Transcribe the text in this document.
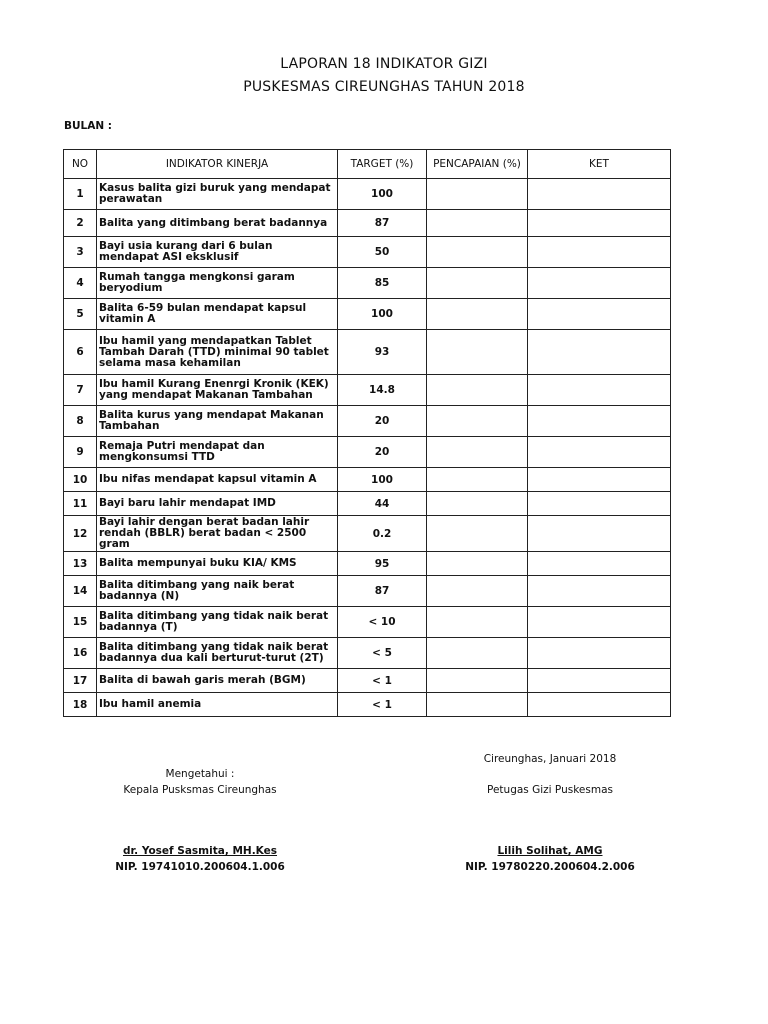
LAPORAN 18 INDIKATOR GIZI
PUSKESMAS CIREUNGHAS TAHUN 2018
BULAN :
NO	INDIKATOR KINERJA	TARGET (%)	PENCAPAIAN (%)	KET
1	Kasus balita gizi buruk yang mendapat perawatan	100		
2	Balita yang ditimbang berat badannya	87		
3	Bayi usia kurang dari 6 bulan mendapat ASI eksklusif	50		
4	Rumah tangga mengkonsi garam beryodium	85		
5	Balita 6-59 bulan mendapat kapsul vitamin A	100		
6	Ibu hamil yang mendapatkan Tablet Tambah Darah (TTD) minimal 90 tablet selama masa kehamilan	93		
7	Ibu hamil Kurang Enenrgi Kronik (KEK) yang mendapat Makanan Tambahan	14.8		
8	Balita kurus yang mendapat Makanan Tambahan	20		
9	Remaja Putri mendapat dan mengkonsumsi TTD	20		
10	Ibu nifas mendapat kapsul vitamin A	100		
11	Bayi baru lahir mendapat IMD	44		
12	Bayi lahir dengan berat badan lahir rendah (BBLR) berat badan < 2500 gram	0.2		
13	Balita mempunyai buku KIA/ KMS	95		
14	Balita ditimbang yang naik berat badannya (N)	87		
15	Balita ditimbang yang tidak naik berat badannya (T)	< 10		
16	Balita ditimbang yang tidak naik berat badannya dua kali berturut-turut (2T)	< 5		
17	Balita di bawah garis merah (BGM)	< 1		
18	Ibu hamil anemia	< 1		
Cireunghas, Januari 2018
Mengetahui :
Kepala Pusksmas Cireunghas
dr. Yosef Sasmita, MH.Kes
NIP. 19741010.200604.1.006
Petugas Gizi Puskesmas
Lilih Solihat, AMG
NIP. 19780220.200604.2.006
